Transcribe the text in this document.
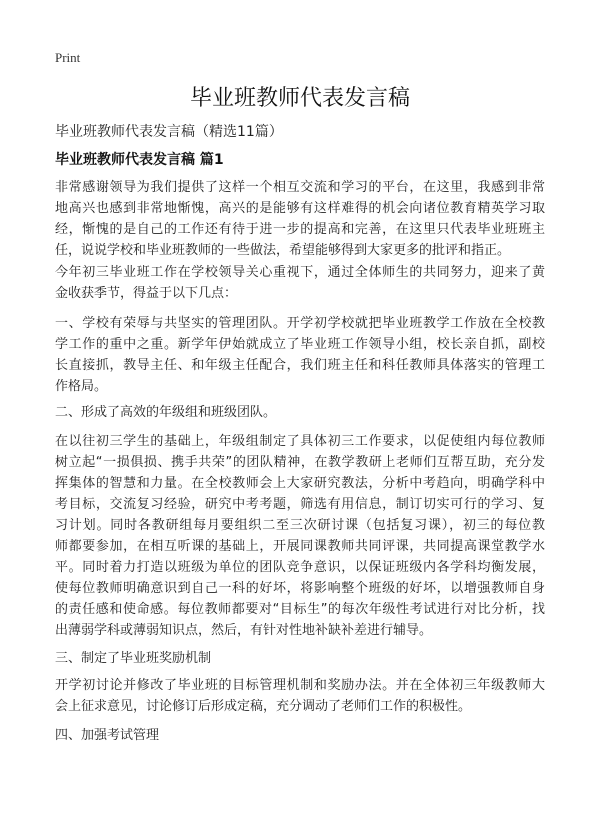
Print
毕业班教师代表发言稿
毕业班教师代表发言稿（精选11篇）
毕业班教师代表发言稿 篇1
非常感谢领导为我们提供了这样一个相互交流和学习的平台，在这里，我感到非常
地高兴也感到非常地惭愧，高兴的是能够有这样难得的机会向诸位教育精英学习取
经，惭愧的是自己的工作还有待于进一步的提高和完善，在这里只代表毕业班班主
任，说说学校和毕业班教师的一些做法，希望能够得到大家更多的批评和指正。
今年初三毕业班工作在学校领导关心重视下，通过全体师生的共同努力，迎来了黄
金收获季节，得益于以下几点：
一、学校有荣辱与共坚实的管理团队。开学初学校就把毕业班教学工作放在全校教
学工作的重中之重。新学年伊始就成立了毕业班工作领导小组，校长亲自抓，副校
长直接抓，教导主任、和年级主任配合，我们班主任和科任教师具体落实的管理工
作格局。
二、形成了高效的年级组和班级团队。
在以往初三学生的基础上，年级组制定了具体初三工作要求，以促使组内每位教师
树立起“一损俱损、携手共荣”的团队精神，在教学教研上老师们互帮互助，充分发
挥集体的智慧和力量。在全校教师会上大家研究教法，分析中考趋向，明确学科中
考目标，交流复习经验，研究中考考题，筛选有用信息，制订切实可行的学习、复
习计划。同时各教研组每月要组织二至三次研讨课（包括复习课），初三的每位教
师都要参加，在相互听课的基础上，开展同课教师共同评课，共同提高课堂教学水
平。同时着力打造以班级为单位的团队竞争意识，以保证班级内各学科均衡发展，
使每位教师明确意识到自己一科的好坏，将影响整个班级的好坏，以增强教师自身
的责任感和使命感。每位教师都要对“目标生”的每次年级性考试进行对比分析，找
出薄弱学科或薄弱知识点，然后，有针对性地补缺补差进行辅导。
三、制定了毕业班奖励机制
开学初讨论并修改了毕业班的目标管理机制和奖励办法。并在全体初三年级教师大
会上征求意见，讨论修订后形成定稿，充分调动了老师们工作的积极性。
四、加强考试管理
